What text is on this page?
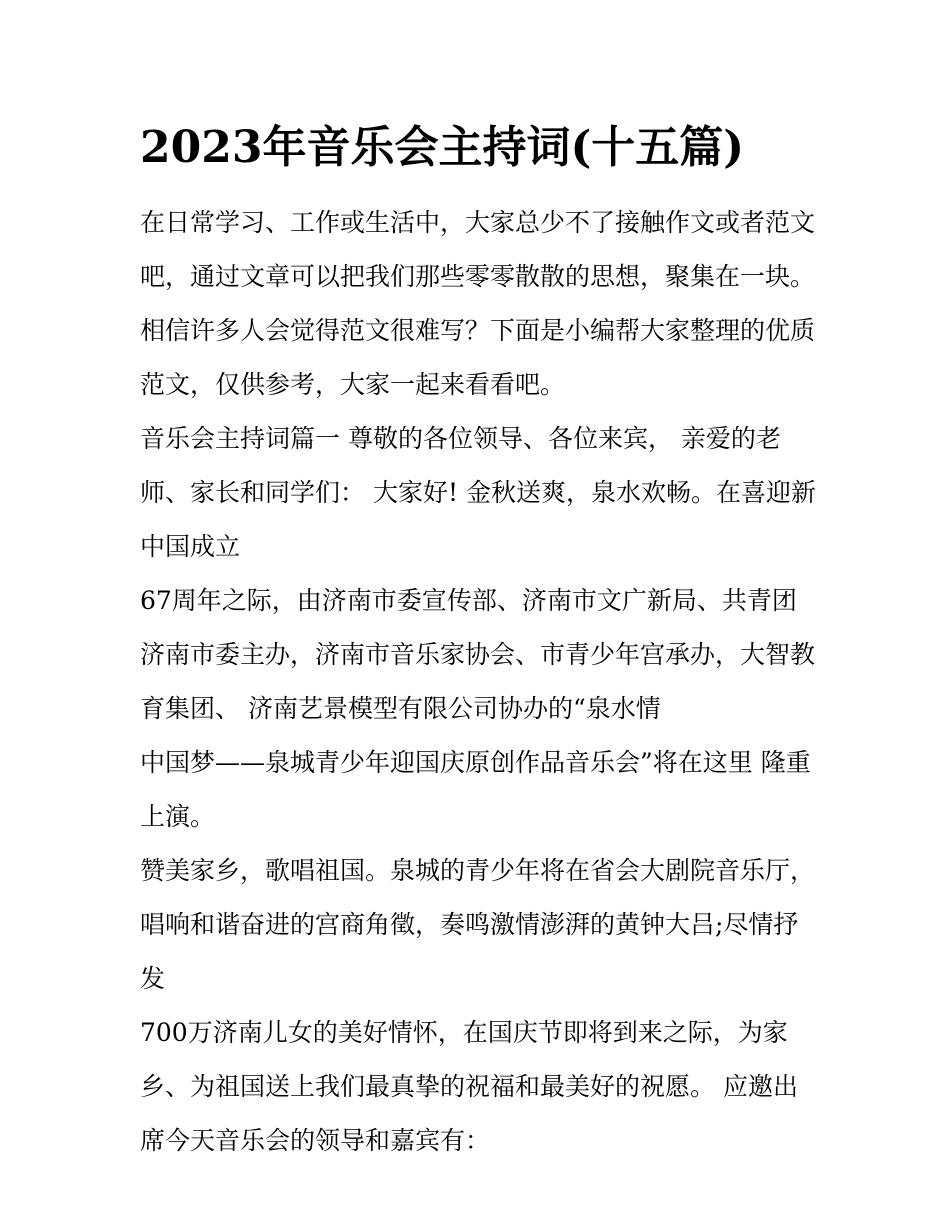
2023年音乐会主持词(十五篇)
在日常学习、工作或生活中，大家总少不了接触作文或者范文
吧，通过文章可以把我们那些零零散散的思想，聚集在一块。
相信许多人会觉得范文很难写？下面是小编帮大家整理的优质
范文，仅供参考，大家一起来看看吧。
音乐会主持词篇一 尊敬的各位领导、各位来宾， 亲爱的老
师、家长和同学们： 大家好! 金秋送爽，泉水欢畅。在喜迎新
中国成立
67周年之际，由济南市委宣传部、济南市文广新局、共青团
济南市委主办，济南市音乐家协会、市青少年宫承办，大智教
育集团、 济南艺景模型有限公司协办的“泉水情
中国梦——泉城青少年迎国庆原创作品音乐会”将在这里 隆重
上演。
赞美家乡，歌唱祖国。泉城的青少年将在省会大剧院音乐厅，
唱响和谐奋进的宫商角徵，奏鸣激情澎湃的黄钟大吕;尽情抒
发
700万济南儿女的美好情怀，在国庆节即将到来之际，为家
乡、为祖国送上我们最真挚的祝福和最美好的祝愿。 应邀出
席今天音乐会的领导和嘉宾有：
